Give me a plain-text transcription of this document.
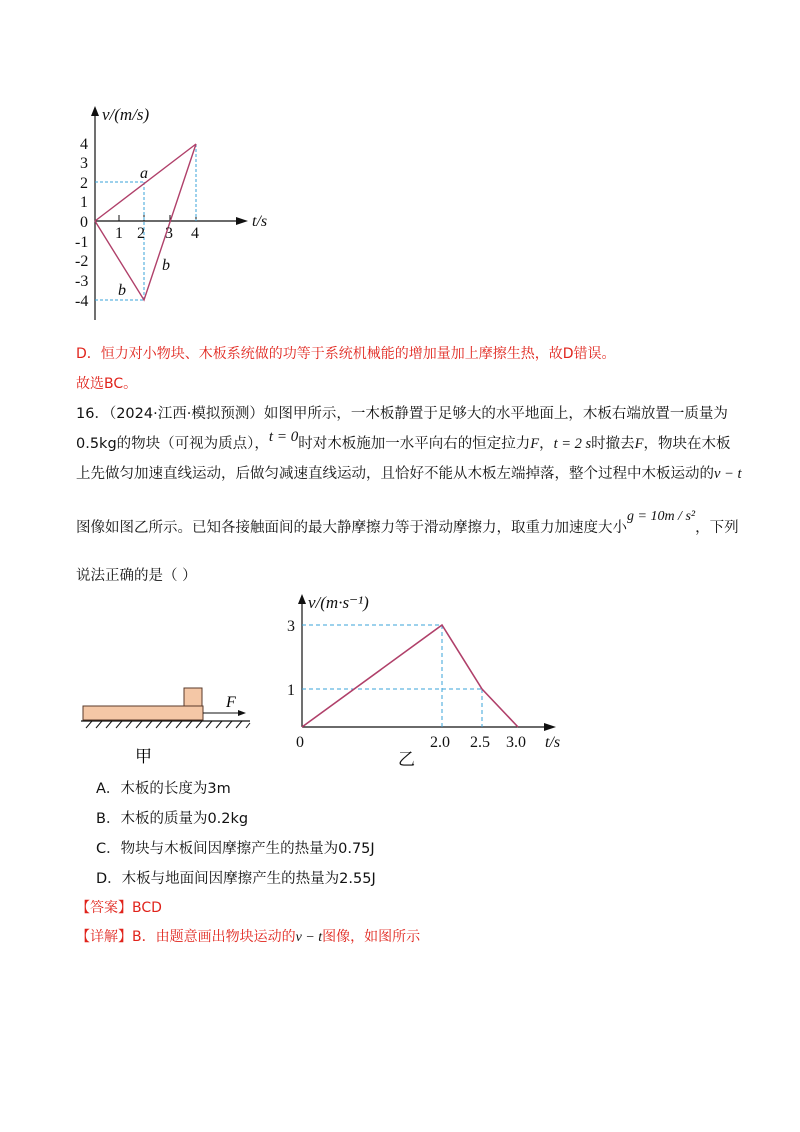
v/(m/s)
t/s
4
3
2
1
0
-1
-2
-3
-4
1 2 3 4
a
b
b
D．恒力对小物块、木板系统做的功等于系统机械能的增加量加上摩擦生热，故D错误。
故选BC。
16．（2024·江西·模拟预测）如图甲所示，一木板静置于足够大的水平地面上，木板右端放置一质量为
0.5kg的物块（可视为质点），t = 0时对木板施加一水平向右的恒定拉力F，t = 2 s时撤去F，物块在木板
上先做匀加速直线运动，后做匀减速直线运动，且恰好不能从木板左端掉落，整个过程中木板运动的v − t
图像如图乙所示。已知各接触面间的最大静摩擦力等于滑动摩擦力，取重力加速度大小g = 10m / s²，下列
说法正确的是（ ）
F
甲
v/(m·s⁻¹)
3
1
0	2.0 2.5 3.0 t/s
乙
A．木板的长度为3m
B．木板的质量为0.2kg
C．物块与木板间因摩擦产生的热量为0.75J
D．木板与地面间因摩擦产生的热量为2.55J
【答案】BCD
【详解】B．由题意画出物块运动的v − t图像，如图所示
